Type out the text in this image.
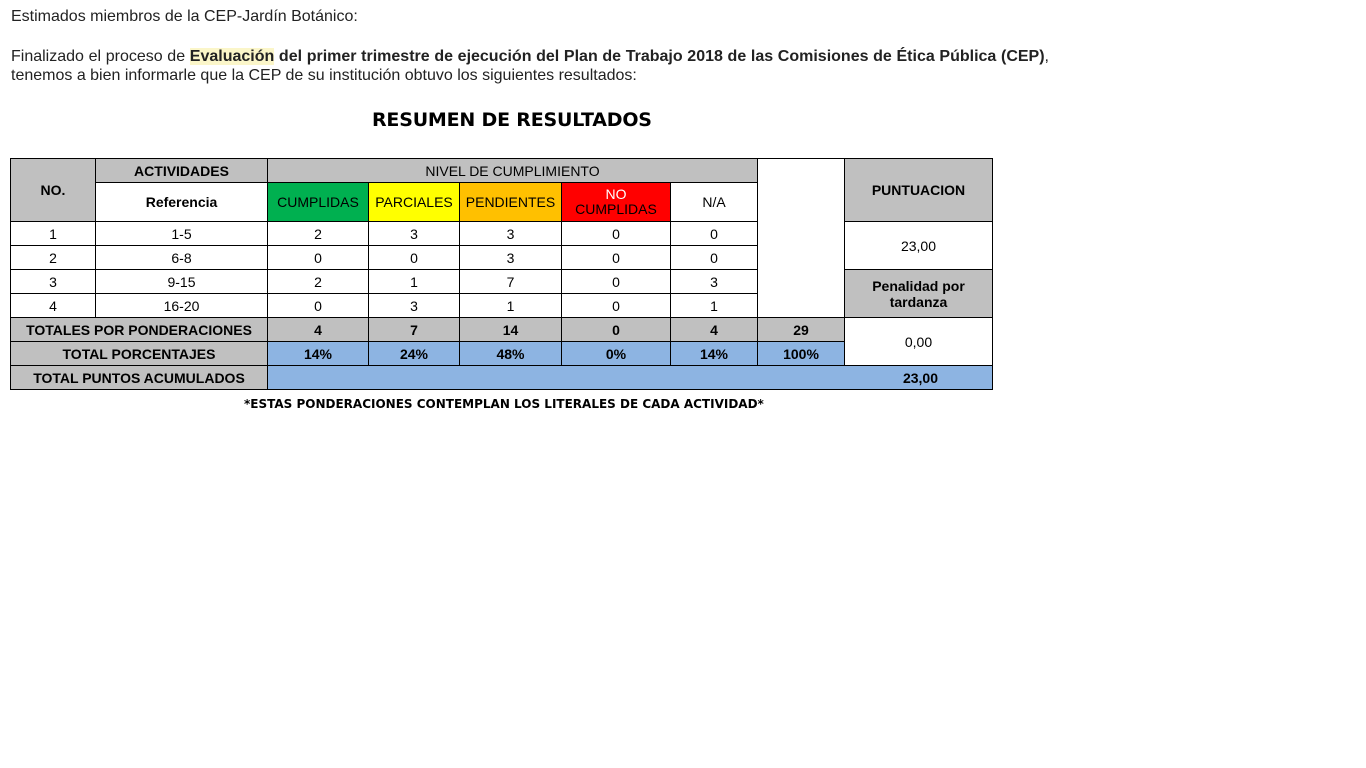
Estimados miembros de la CEP-Jardín Botánico:
Finalizado el proceso de Evaluación del primer trimestre de ejecución del Plan de Trabajo 2018 de las Comisiones de Ética Pública (CEP), tenemos a bien informarle que la CEP de su institución obtuvo los siguientes resultados:
RESUMEN DE RESULTADOS
NO.	ACTIVIDADES	NIVEL DE CUMPLIMIENTO						PUNTUACION
	Referencia	CUMPLIDAS	PARCIALES	PENDIENTES	NO
CUMPLIDAS	N/A		
1	1-5	2	3	3	0	0		23,00
2	6-8	0	0	3	0	0		
3	9-15	2	1	7	0	3		Penalidad por
tardanza

4	16-20	0	3	1	0	1		
TOTALES POR PONDERACIONES		4	7	14	0	4	29	0,00
TOTAL PORCENTAJES		14%	24%	48%	0%	14%	100%	
TOTAL PUNTOS ACUMULADOS		23,00						
*ESTAS PONDERACIONES CONTEMPLAN LOS LITERALES DE CADA ACTIVIDAD*
